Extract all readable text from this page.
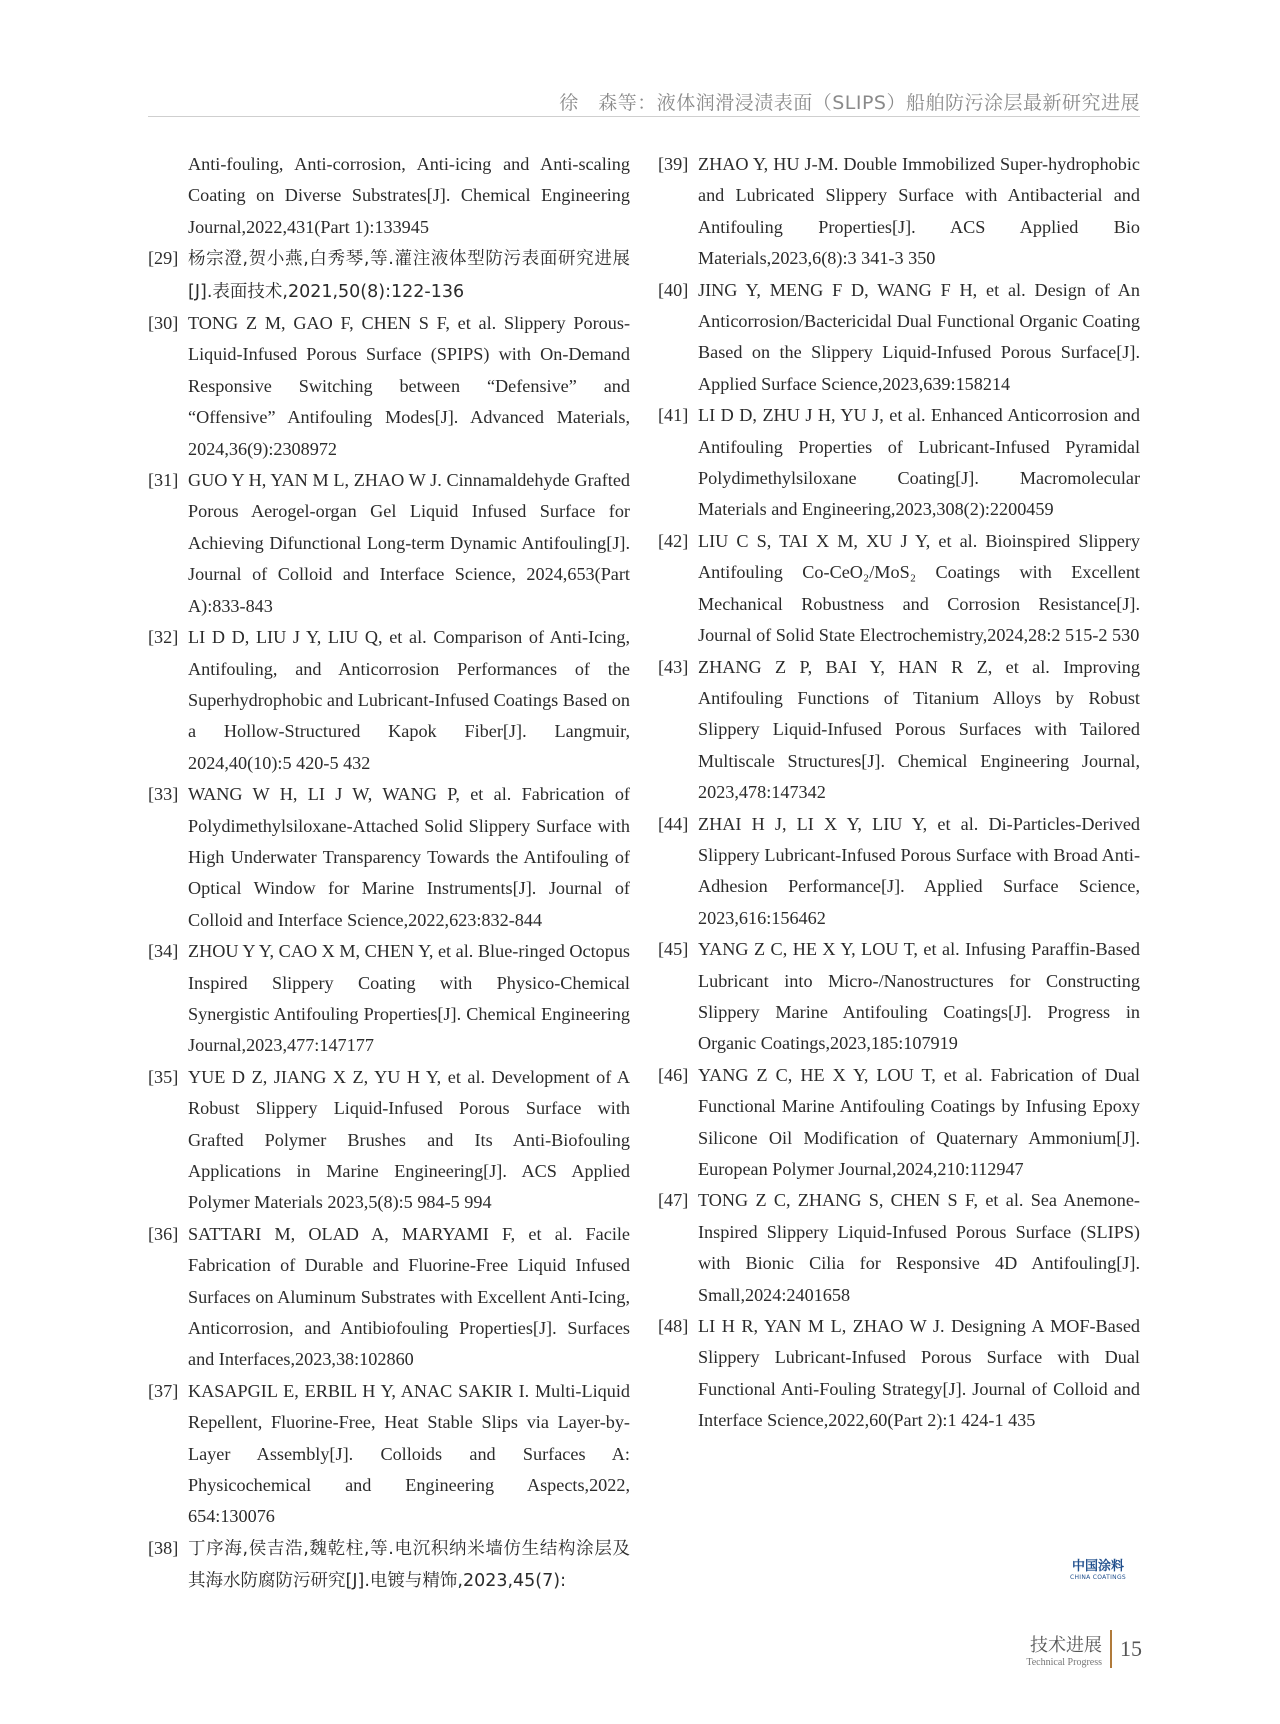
徐　森等：液体润滑浸渍表面（SLIPS）船舶防污涂层最新研究进展
Anti-fouling, Anti-corrosion, Anti-icing and Anti-scaling Coating on Diverse Substrates[J]. Chemical Engineering Journal,2022,431(Part 1):133945
[29] 杨宗澄,贺小燕,白秀琴,等.灌注液体型防污表面研究进展[J].表面技术,2021,50(8):122-136
[30] TONG Z M, GAO F, CHEN S F, et al. Slippery Porous-Liquid-Infused Porous Surface (SPIPS) with On-Demand Responsive Switching between “Defensive” and “Offensive” Antifouling Modes[J]. Advanced Materials, 2024,36(9):2308972
[31] GUO Y H, YAN M L, ZHAO W J. Cinnamaldehyde Grafted Porous Aerogel-organ Gel Liquid Infused Surface for Achieving Difunctional Long-term Dynamic Antifouling[J]. Journal of Colloid and Interface Science, 2024,653(Part A):833-843
[32] LI D D, LIU J Y, LIU Q, et al. Comparison of Anti-Icing, Antifouling, and Anticorrosion Performances of the Superhydrophobic and Lubricant-Infused Coatings Based on a Hollow-Structured Kapok Fiber[J]. Langmuir, 2024,40(10):5 420-5 432
[33] WANG W H, LI J W, WANG P, et al. Fabrication of Polydimethylsiloxane-Attached Solid Slippery Surface with High Underwater Transparency Towards the Antifouling of Optical Window for Marine Instruments[J]. Journal of Colloid and Interface Science,2022,623:832-844
[34] ZHOU Y Y, CAO X M, CHEN Y, et al. Blue-ringed Octopus Inspired Slippery Coating with Physico-Chemical Synergistic Antifouling Properties[J]. Chemical Engineering Journal,2023,477:147177
[35] YUE D Z, JIANG X Z, YU H Y, et al. Development of A Robust Slippery Liquid-Infused Porous Surface with Grafted Polymer Brushes and Its Anti-Biofouling Applications in Marine Engineering[J]. ACS Applied Polymer Materials 2023,5(8):5 984-5 994
[36] SATTARI M, OLAD A, MARYAMI F, et al. Facile Fabrication of Durable and Fluorine-Free Liquid Infused Surfaces on Aluminum Substrates with Excellent Anti-Icing, Anticorrosion, and Antibiofouling Properties[J]. Surfaces and Interfaces,2023,38:102860
[37] KASAPGIL E, ERBIL H Y, ANAC SAKIR I. Multi-Liquid Repellent, Fluorine-Free, Heat Stable Slips via Layer-by-Layer Assembly[J]. Colloids and Surfaces A: Physicochemical and Engineering Aspects,2022, 654:130076
[38] 丁序海,侯吉浩,魏乾柱,等.电沉积纳米墙仿生结构涂层及其海水防腐防污研究[J].电镀与精饰,2023,45(7):
[39] ZHAO Y, HU J-M. Double Immobilized Super-hydrophobic and Lubricated Slippery Surface with Antibacterial and Antifouling Properties[J]. ACS Applied Bio Materials,2023,6(8):3 341-3 350
[40] JING Y, MENG F D, WANG F H, et al. Design of An Anticorrosion/Bactericidal Dual Functional Organic Coating Based on the Slippery Liquid-Infused Porous Surface[J]. Applied Surface Science,2023,639:158214
[41] LI D D, ZHU J H, YU J, et al. Enhanced Anticorrosion and Antifouling Properties of Lubricant-Infused Pyramidal Polydimethylsiloxane Coating[J]. Macromolecular Materials and Engineering,2023,308(2):2200459
[42] LIU C S, TAI X M, XU J Y, et al. Bioinspired Slippery Antifouling Co-CeO₂/MoS₂ Coatings with Excellent Mechanical Robustness and Corrosion Resistance[J]. Journal of Solid State Electrochemistry,2024,28:2 515-2 530
[43] ZHANG Z P, BAI Y, HAN R Z, et al. Improving Antifouling Functions of Titanium Alloys by Robust Slippery Liquid-Infused Porous Surfaces with Tailored Multiscale Structures[J]. Chemical Engineering Journal, 2023,478:147342
[44] ZHAI H J, LI X Y, LIU Y, et al. Di-Particles-Derived Slippery Lubricant-Infused Porous Surface with Broad Anti-Adhesion Performance[J]. Applied Surface Science, 2023,616:156462
[45] YANG Z C, HE X Y, LOU T, et al. Infusing Paraffin-Based Lubricant into Micro-/Nanostructures for Constructing Slippery Marine Antifouling Coatings[J]. Progress in Organic Coatings,2023,185:107919
[46] YANG Z C, HE X Y, LOU T, et al. Fabrication of Dual Functional Marine Antifouling Coatings by Infusing Epoxy Silicone Oil Modification of Quaternary Ammonium[J]. European Polymer Journal,2024,210:112947
[47] TONG Z C, ZHANG S, CHEN S F, et al. Sea Anemone-Inspired Slippery Liquid-Infused Porous Surface (SLIPS) with Bionic Cilia for Responsive 4D Antifouling[J]. Small,2024:2401658
[48] LI H R, YAN M L, ZHAO W J. Designing A MOF-Based Slippery Lubricant-Infused Porous Surface with Dual Functional Anti-Fouling Strategy[J]. Journal of Colloid and Interface Science,2022,60(Part 2):1 424-1 435
中国涂料
CHINA COATINGS
技术进展
Technical Progress
15
